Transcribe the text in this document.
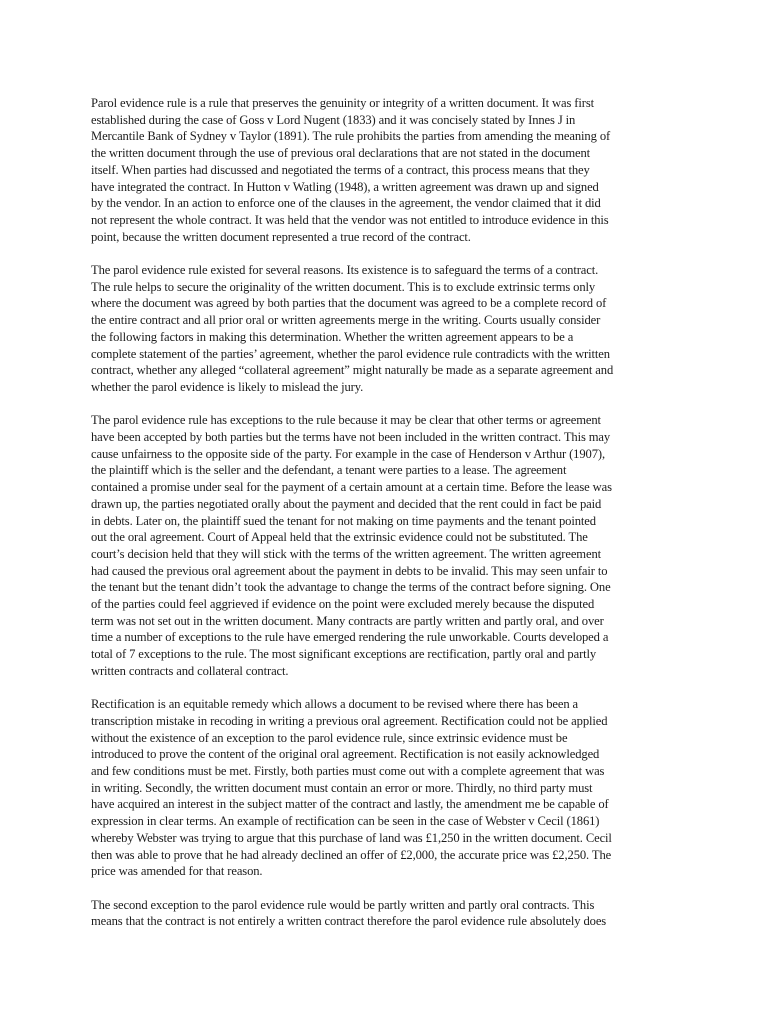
Parol evidence rule is a rule that preserves the genuinity or integrity of a written document. It was first
established during the case of Goss v Lord Nugent (1833) and it was concisely stated by Innes J in
Mercantile Bank of Sydney v Taylor (1891). The rule prohibits the parties from amending the meaning of
the written document through the use of previous oral declarations that are not stated in the document
itself. When parties had discussed and negotiated the terms of a contract, this process means that they
have integrated the contract. In Hutton v Watling (1948), a written agreement was drawn up and signed
by the vendor. In an action to enforce one of the clauses in the agreement, the vendor claimed that it did
not represent the whole contract. It was held that the vendor was not entitled to introduce evidence in this
point, because the written document represented a true record of the contract.

The parol evidence rule existed for several reasons. Its existence is to safeguard the terms of a contract.
The rule helps to secure the originality of the written document. This is to exclude extrinsic terms only
where the document was agreed by both parties that the document was agreed to be a complete record of
the entire contract and all prior oral or written agreements merge in the writing. Courts usually consider
the following factors in making this determination. Whether the written agreement appears to be a
complete statement of the parties’ agreement, whether the parol evidence rule contradicts with the written
contract, whether any alleged “collateral agreement” might naturally be made as a separate agreement and
whether the parol evidence is likely to mislead the jury.

The parol evidence rule has exceptions to the rule because it may be clear that other terms or agreement
have been accepted by both parties but the terms have not been included in the written contract. This may
cause unfairness to the opposite side of the party. For example in the case of Henderson v Arthur (1907),
the plaintiff which is the seller and the defendant, a tenant were parties to a lease. The agreement
contained a promise under seal for the payment of a certain amount at a certain time. Before the lease was
drawn up, the parties negotiated orally about the payment and decided that the rent could in fact be paid
in debts. Later on, the plaintiff sued the tenant for not making on time payments and the tenant pointed
out the oral agreement. Court of Appeal held that the extrinsic evidence could not be substituted. The
court’s decision held that they will stick with the terms of the written agreement. The written agreement
had caused the previous oral agreement about the payment in debts to be invalid. This may seen unfair to
the tenant but the tenant didn’t took the advantage to change the terms of the contract before signing. One
of the parties could feel aggrieved if evidence on the point were excluded merely because the disputed
term was not set out in the written document. Many contracts are partly written and partly oral, and over
time a number of exceptions to the rule have emerged rendering the rule unworkable. Courts developed a
total of 7 exceptions to the rule. The most significant exceptions are rectification, partly oral and partly
written contracts and collateral contract.

Rectification is an equitable remedy which allows a document to be revised where there has been a
transcription mistake in recoding in writing a previous oral agreement. Rectification could not be applied
without the existence of an exception to the parol evidence rule, since extrinsic evidence must be
introduced to prove the content of the original oral agreement. Rectification is not easily acknowledged
and few conditions must be met. Firstly, both parties must come out with a complete agreement that was
in writing. Secondly, the written document must contain an error or more. Thirdly, no third party must
have acquired an interest in the subject matter of the contract and lastly, the amendment me be capable of
expression in clear terms. An example of rectification can be seen in the case of Webster v Cecil (1861)
whereby Webster was trying to argue that this purchase of land was £1,250 in the written document. Cecil
then was able to prove that he had already declined an offer of £2,000, the accurate price was £2,250. The
price was amended for that reason.

The second exception to the parol evidence rule would be partly written and partly oral contracts. This
means that the contract is not entirely a written contract therefore the parol evidence rule absolutely does
